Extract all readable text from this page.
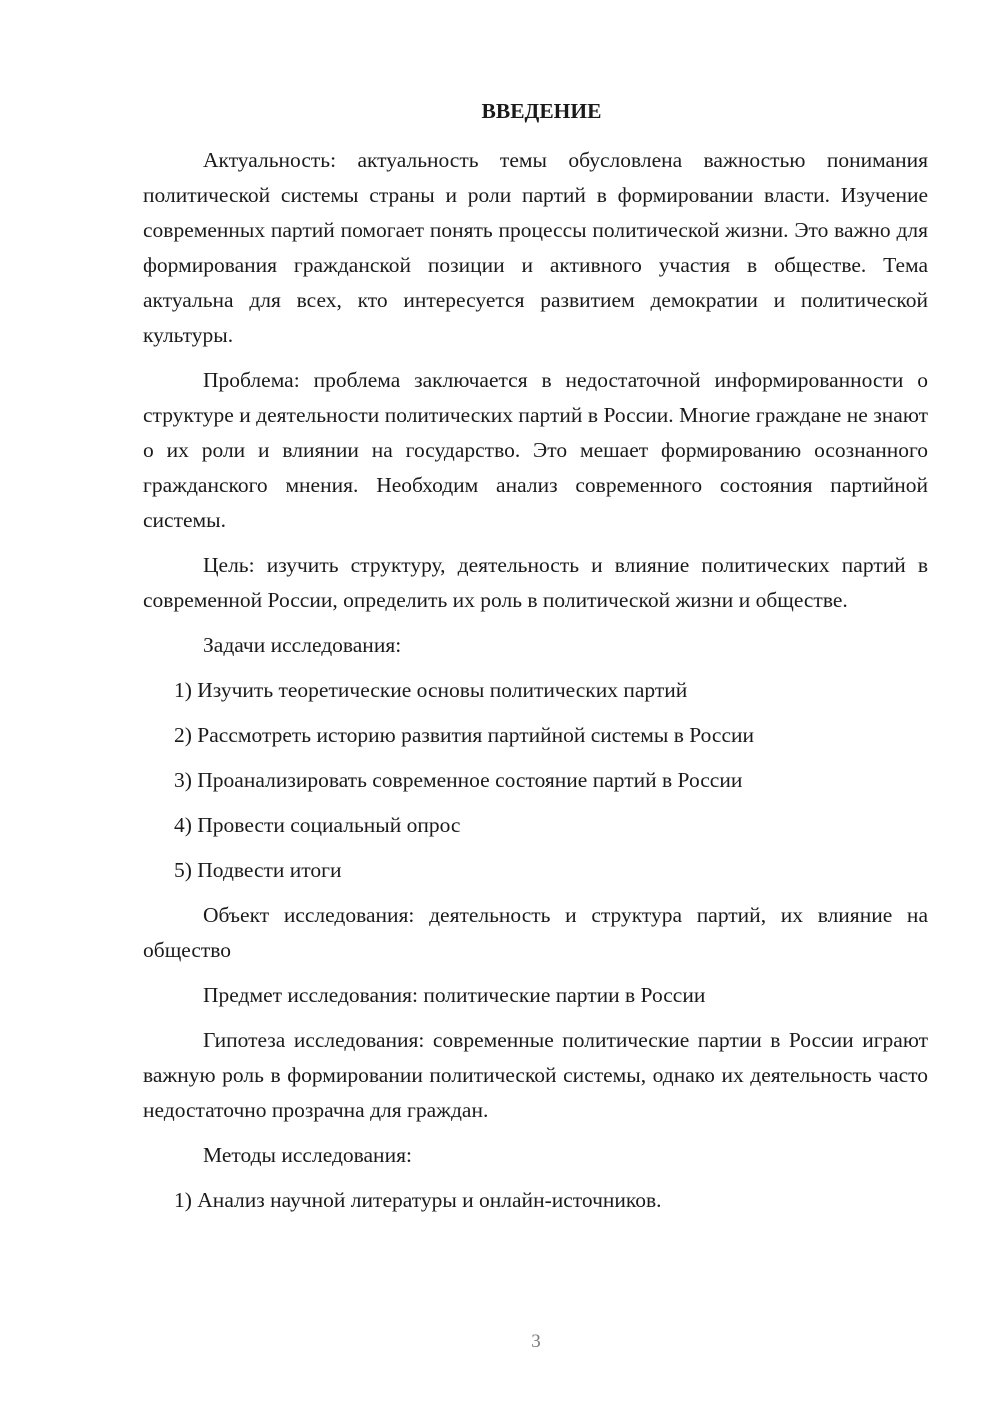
ВВЕДЕНИЕ
Актуальность: актуальность темы обусловлена важностью понимания политической системы страны и роли партий в формировании власти. Изучение современных партий помогает понять процессы политической жизни. Это важно для формирования гражданской позиции и активного участия в обществе. Тема актуальна для всех, кто интересуется развитием демократии и политической культуры.
Проблема: проблема заключается в недостаточной информированности о структуре и деятельности политических партий в России. Многие граждане не знают о их роли и влиянии на государство. Это мешает формированию осознанного гражданского мнения. Необходим анализ современного состояния партийной системы.
Цель: изучить структуру, деятельность и влияние политических партий в современной России, определить их роль в политической жизни и обществе.
Задачи исследования:
1) Изучить теоретические основы политических партий
2) Рассмотреть историю развития партийной системы в России
3) Проанализировать современное состояние партий в России
4) Провести социальный опрос
5) Подвести итоги
Объект исследования: деятельность и структура партий, их влияние на общество
Предмет исследования: политические партии в России
Гипотеза исследования: современные политические партии в России играют важную роль в формировании политической системы, однако их деятельность часто недостаточно прозрачна для граждан.
Методы исследования:
1) Анализ научной литературы и онлайн-источников.
3
